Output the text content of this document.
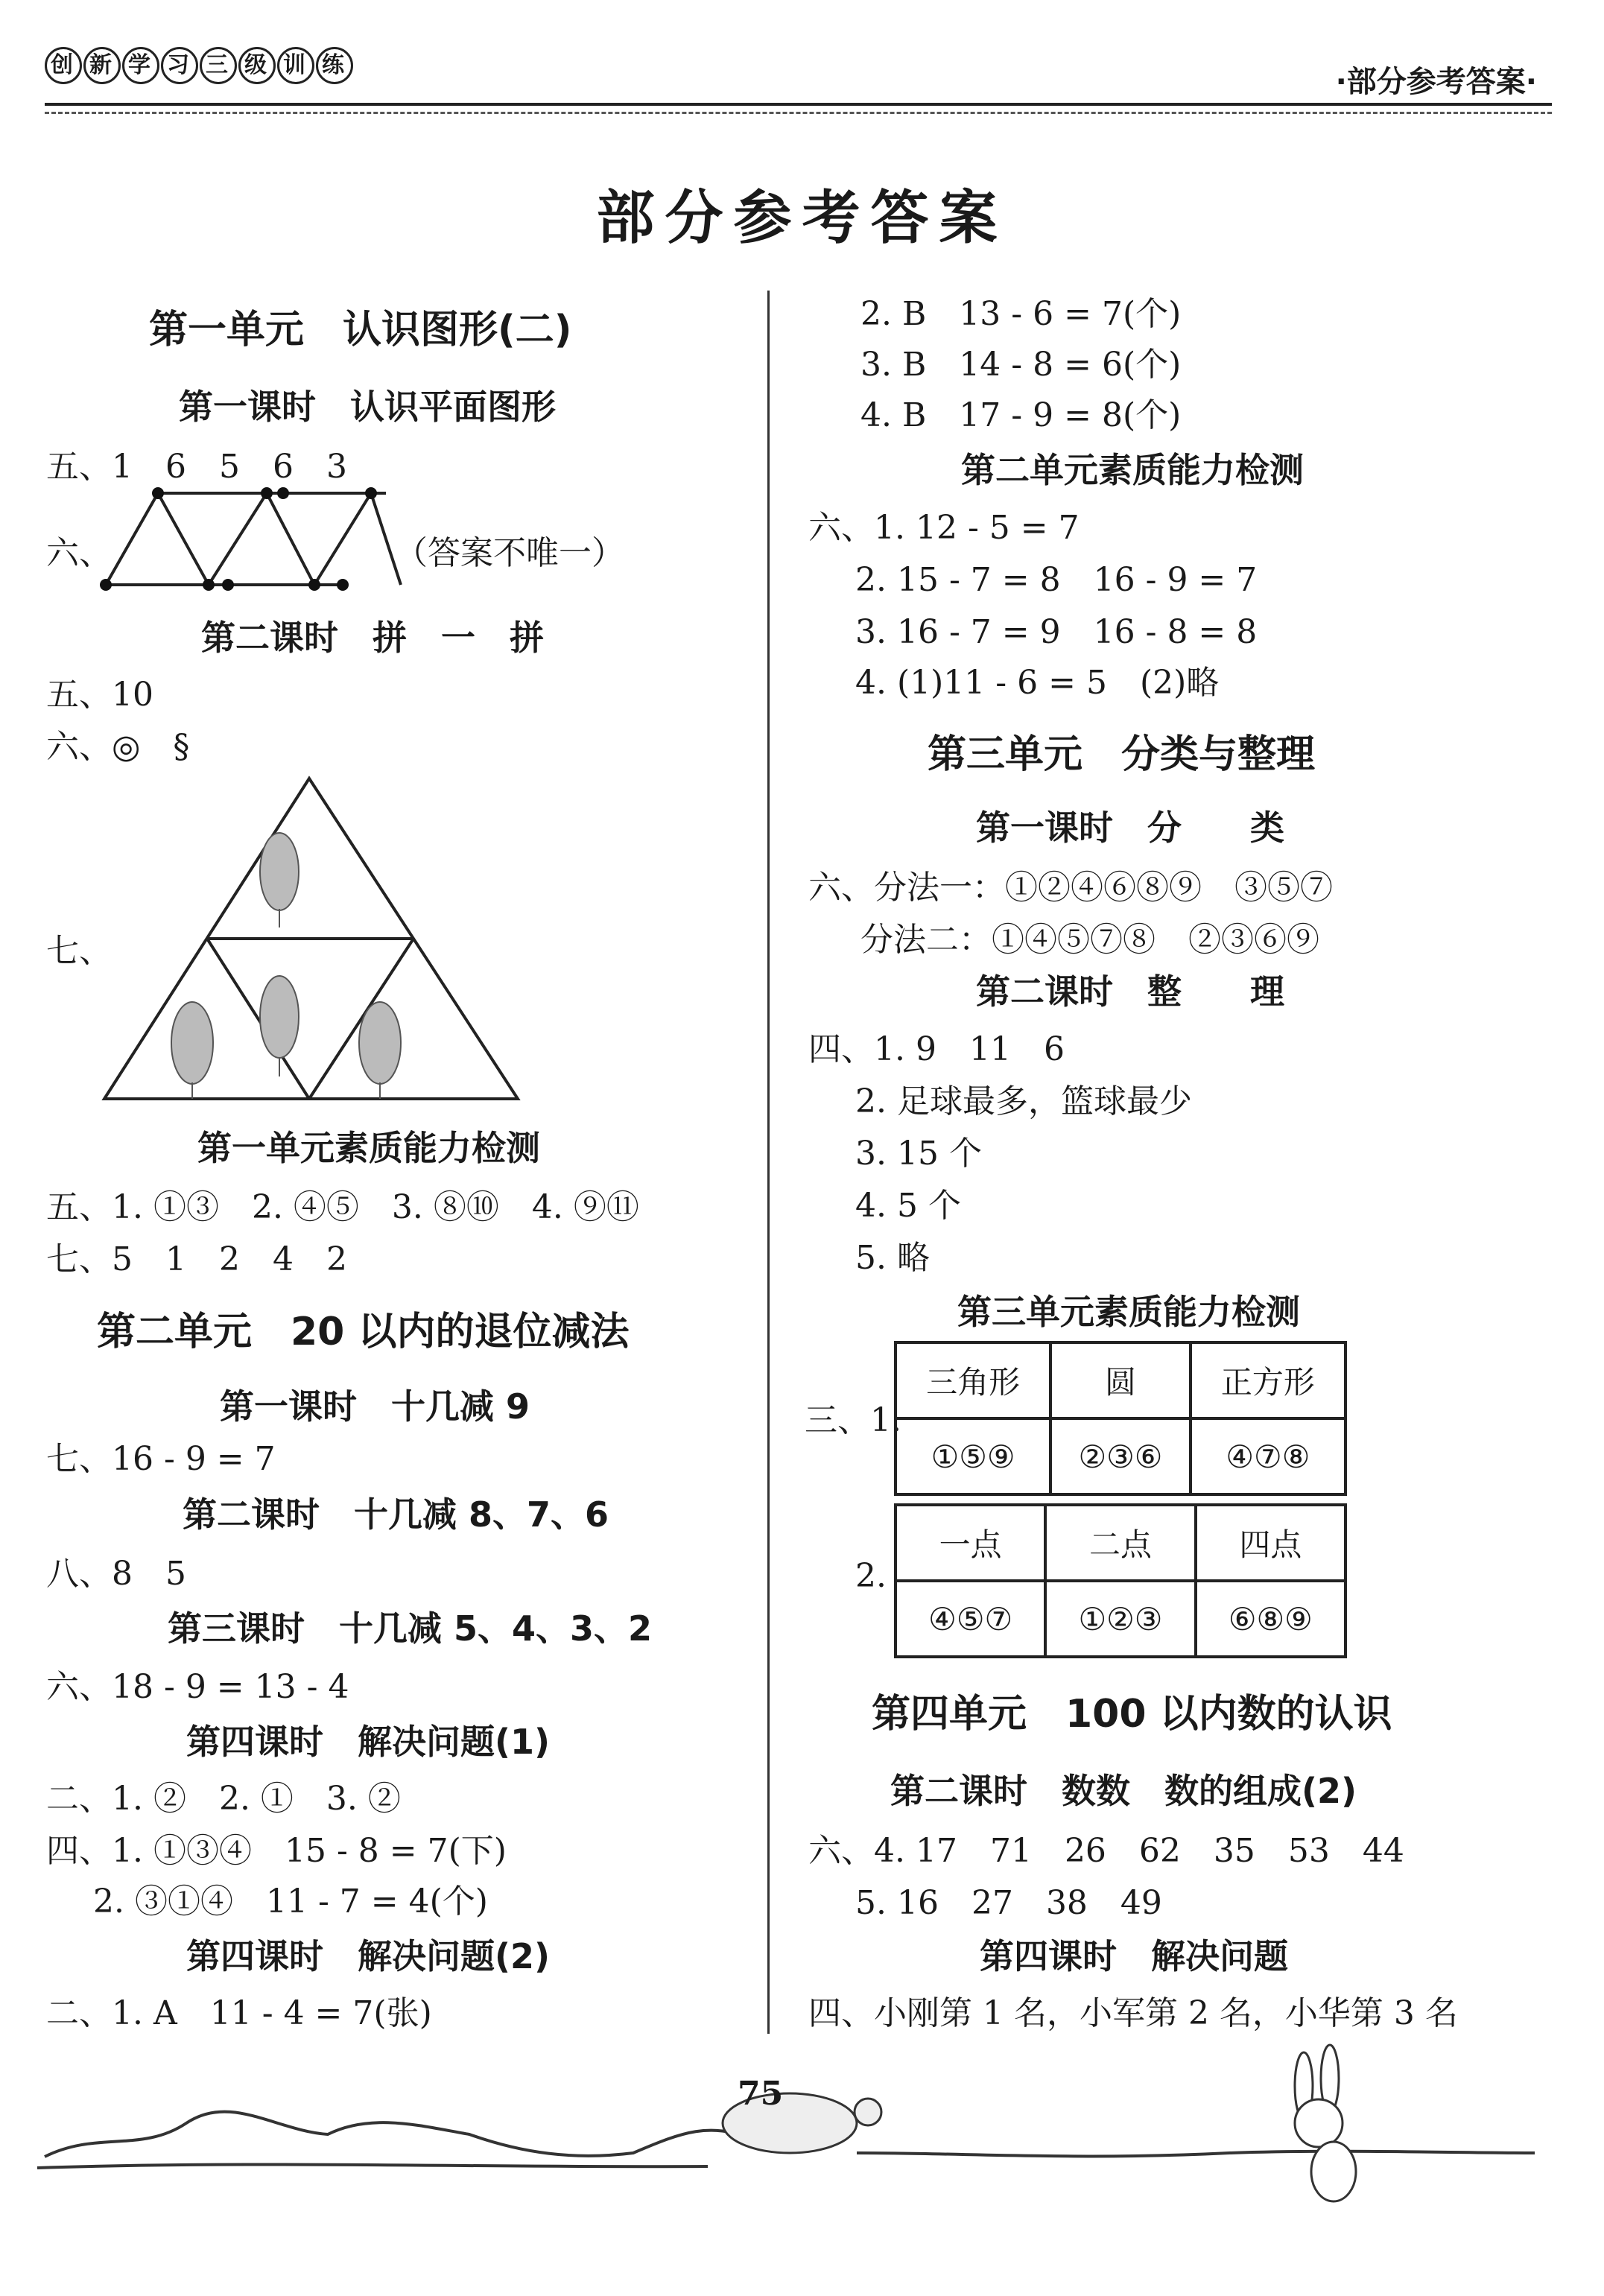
创 新 学 习 三 级 训 练	·部分参考答案·
部分参考答案
第一单元　认识图形(二)
第一课时　认识平面图形
五、1　6　5　6　3
六、	（答案不唯一）
第二课时　拼　一　拼
五、10
六、◎　§
七、
第一单元素质能力检测
五、1. ①③　2. ④⑤　3. ⑧⑩　4. ⑨⑪
七、5　1　2　4　2
第二单元　20 以内的退位减法
第一课时　十几减 9
七、16 - 9 = 7
第二课时　十几减 8、7、6
八、8　5
第三课时　十几减 5、4、3、2
六、18 - 9 = 13 - 4
第四课时　解决问题(1)
二、1. ②　2. ①　3. ②
四、1. ①③④　15 - 8 = 7(下)
2. ③①④　11 - 7 = 4(个)
第四课时　解决问题(2)
二、1. A　11 - 4 = 7(张)
2. B　13 - 6 = 7(个)
3. B　14 - 8 = 6(个)
4. B　17 - 9 = 8(个)
第二单元素质能力检测
六、1. 12 - 5 = 7
2. 15 - 7 = 8　16 - 9 = 7
3. 16 - 7 = 9　16 - 8 = 8
4. (1)11 - 6 = 5　(2)略
第三单元　分类与整理
第一课时　分　　类
六、分法一：①②④⑥⑧⑨　③⑤⑦
分法二：①④⑤⑦⑧　②③⑥⑨
第二课时　整　　理
四、1. 9　11　6
2. 足球最多，篮球最少
3. 15 个
4. 5 个
5. 略
第三单元素质能力检测
三、1.
三角形	圆	正方形
①⑤⑨	②③⑥	④⑦⑧
2.
一点	二点	四点
④⑤⑦	①②③	⑥⑧⑨
第四单元　100 以内数的认识
第二课时　数数　数的组成(2)
六、4. 17　71　26　62　35　53　44
5. 16　27　38　49
第四课时　解决问题
四、小刚第 1 名，小军第 2 名，小华第 3 名
75
